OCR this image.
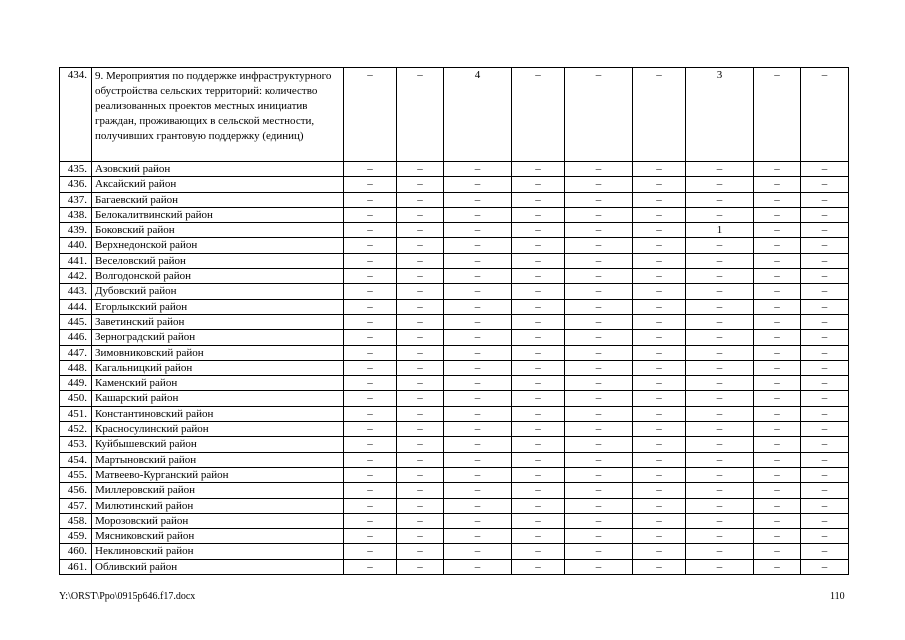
434.	9. Мероприятия по поддержке инфраструктурного обустройства сельских территорий: количество реализованных проектов местных инициатив граждан, проживающих в сельской местности, получивших грантовую поддержку (единиц)	–	–	4	–	–	–	3	–	–
435.	Азовский район	–	–	–	–	–	–	–	–	–
436.	Аксайский район	–	–	–	–	–	–	–	–	–
437.	Багаевский район	–	–	–	–	–	–	–	–	–
438.	Белокалитвинский район	–	–	–	–	–	–	–	–	–
439.	Боковский район	–	–	–	–	–	–	1	–	–
440.	Верхнедонской район	–	–	–	–	–	–	–	–	–
441.	Веселовский район	–	–	–	–	–	–	–	–	–
442.	Волгодонской район	–	–	–	–	–	–	–	–	–
443.	Дубовский район	–	–	–	–	–	–	–	–	–
444.	Егорлыкский район	–	–	–	–	–	–	–	–	–
445.	Заветинский район	–	–	–	–	–	–	–	–	–
446.	Зерноградский район	–	–	–	–	–	–	–	–	–
447.	Зимовниковский район	–	–	–	–	–	–	–	–	–
448.	Кагальницкий район	–	–	–	–	–	–	–	–	–
449.	Каменский район	–	–	–	–	–	–	–	–	–
450.	Кашарский район	–	–	–	–	–	–	–	–	–
451.	Константиновский район	–	–	–	–	–	–	–	–	–
452.	Красносулинский район	–	–	–	–	–	–	–	–	–
453.	Куйбышевский район	–	–	–	–	–	–	–	–	–
454.	Мартыновский район	–	–	–	–	–	–	–	–	–
455.	Матвеево-Курганский район	–	–	–	–	–	–	–	–	–
456.	Миллеровский район	–	–	–	–	–	–	–	–	–
457.	Милютинский район	–	–	–	–	–	–	–	–	–
458.	Морозовский район	–	–	–	–	–	–	–	–	–
459.	Мясниковский район	–	–	–	–	–	–	–	–	–
460.	Неклиновский район	–	–	–	–	–	–	–	–	–
461.	Обливский район	–	–	–	–	–	–	–	–	–
Y:\ORST\Ppo\0915p646.f17.docx	110
